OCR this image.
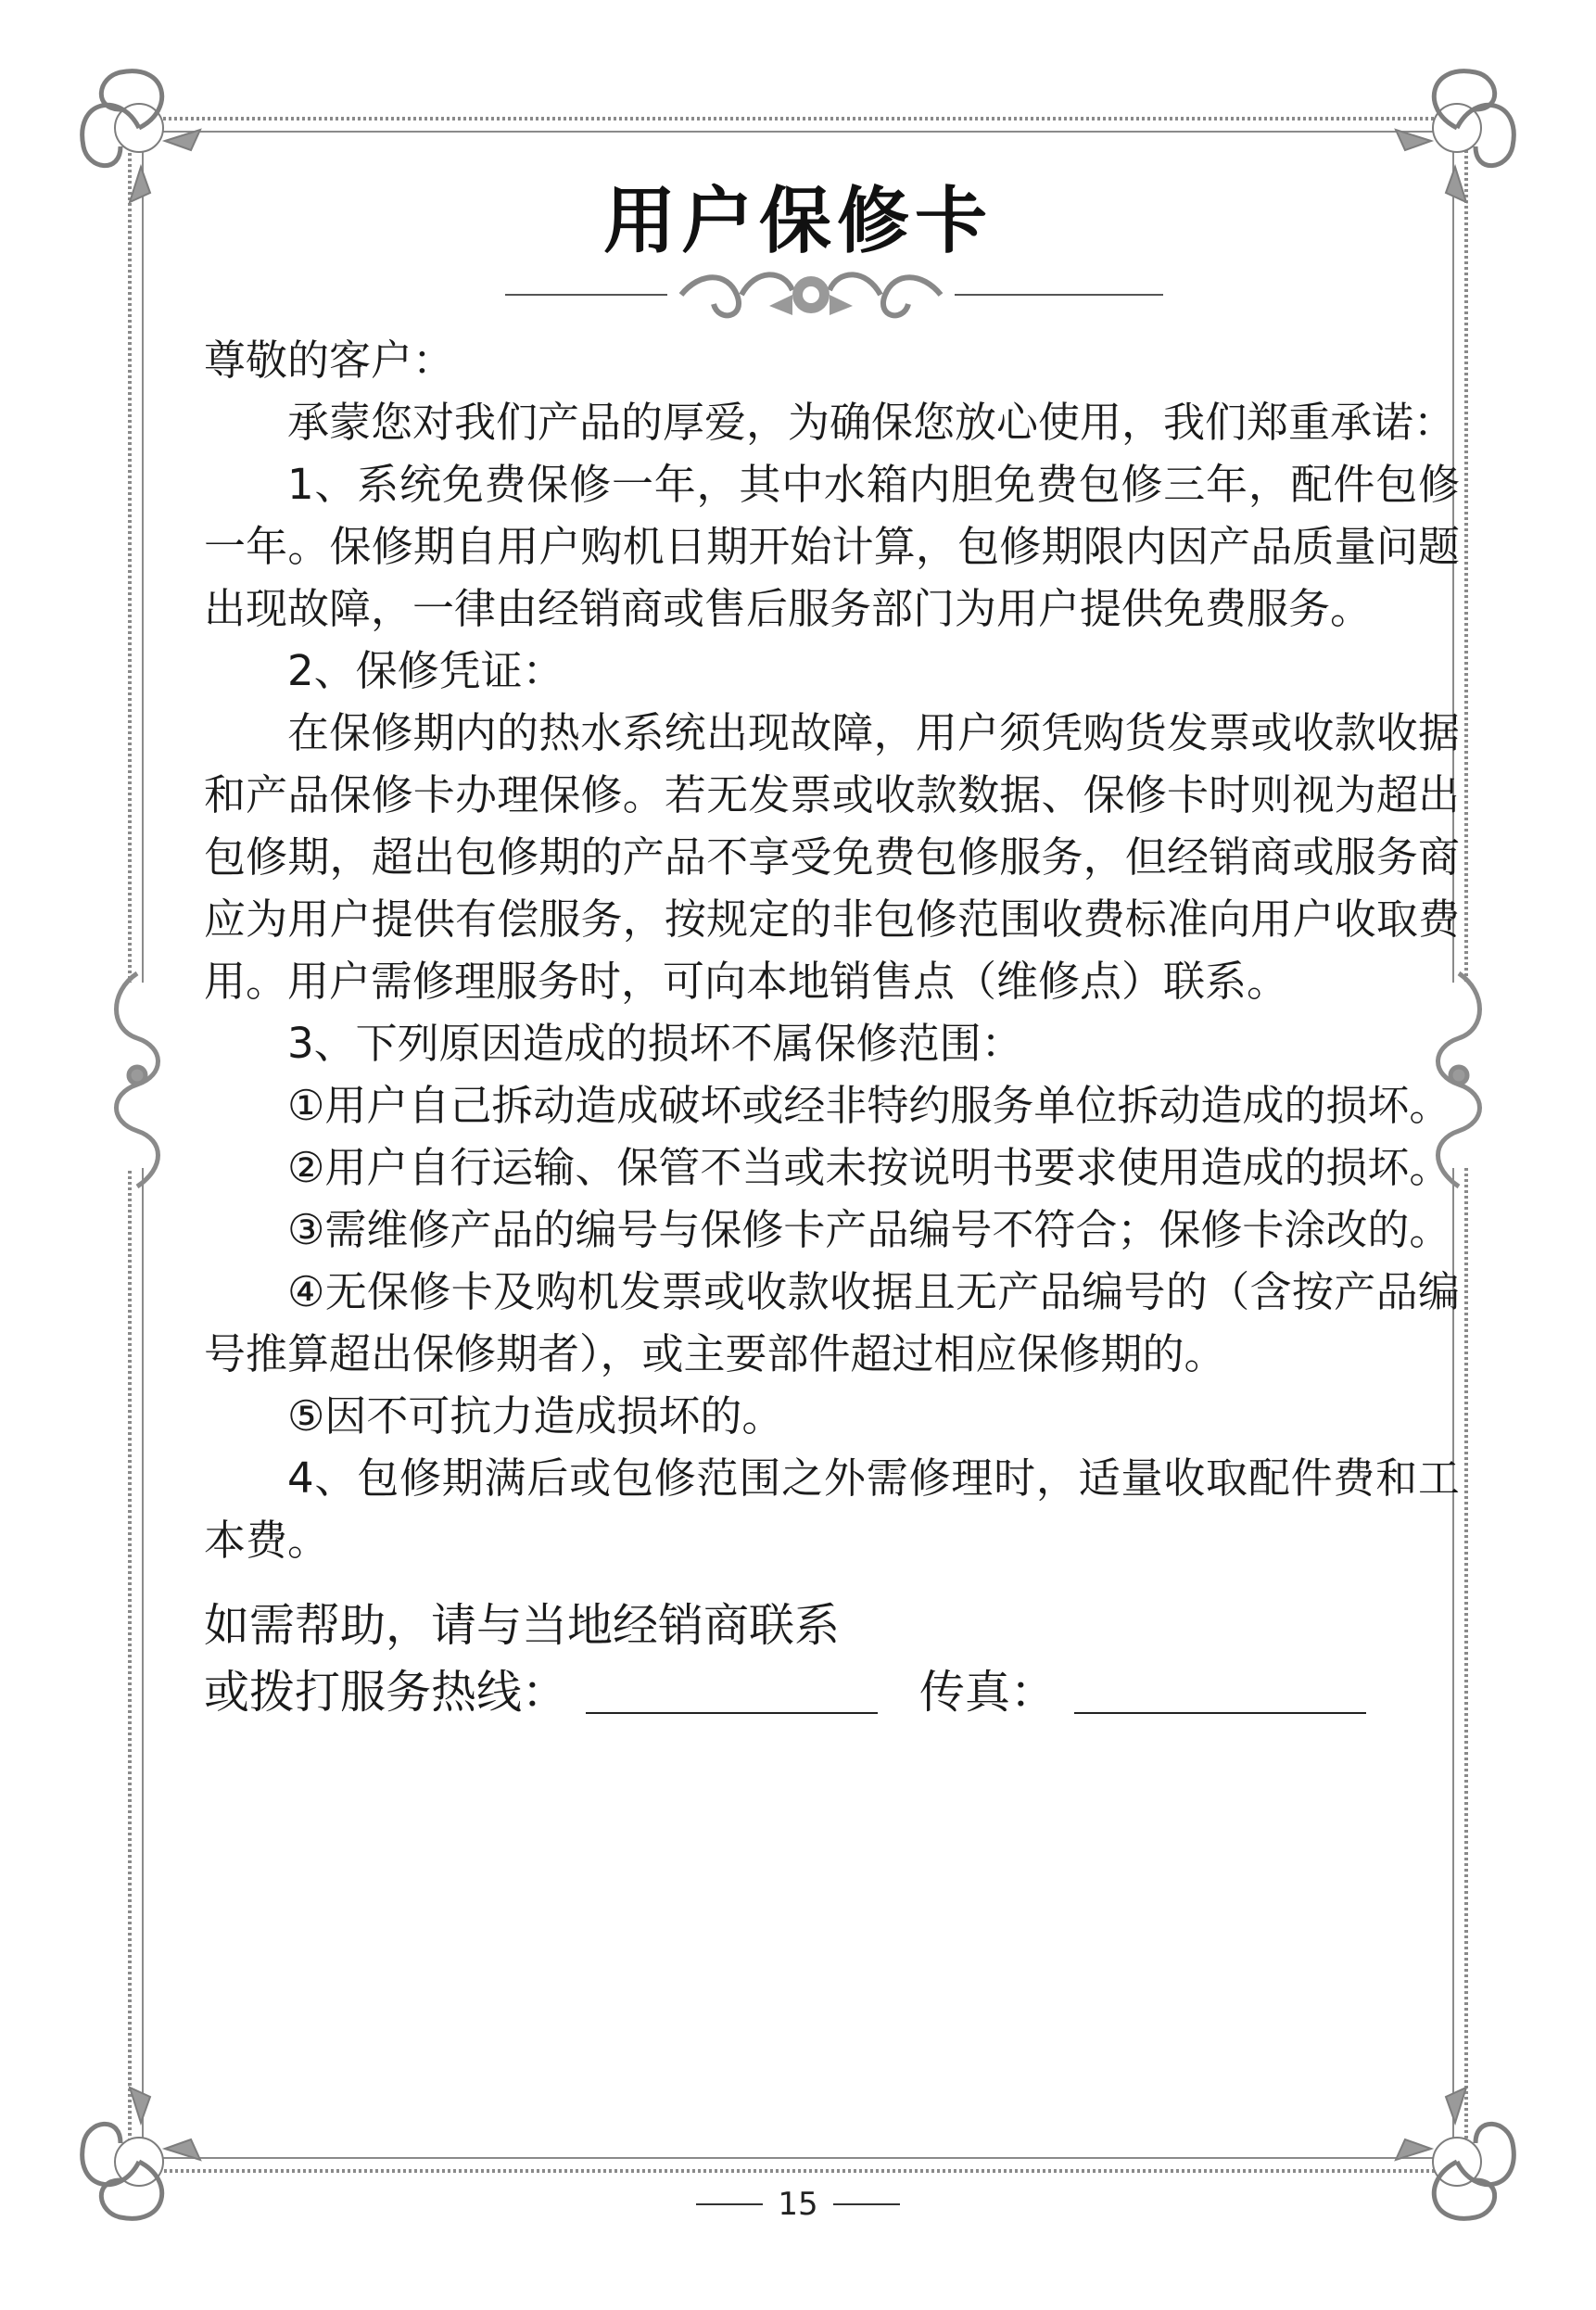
用户保修卡

尊敬的客户：

承蒙您对我们产品的厚爱，为确保您放心使用，我们郑重承诺：

1、系统免费保修一年，其中水箱内胆免费包修三年，配件包修一年。保修期自用户购机日期开始计算，包修期限内因产品质量问题出现故障，一律由经销商或售后服务部门为用户提供免费服务。

2、保修凭证：

在保修期内的热水系统出现故障，用户须凭购货发票或收款收据和产品保修卡办理保修。若无发票或收款数据、保修卡时则视为超出包修期，超出包修期的产品不享受免费包修服务，但经销商或服务商应为用户提供有偿服务，按规定的非包修范围收费标准向用户收取费用。用户需修理服务时，可向本地销售点（维修点）联系。

3、下列原因造成的损坏不属保修范围：

①用户自己拆动造成破坏或经非特约服务单位拆动造成的损坏。

②用户自行运输、保管不当或未按说明书要求使用造成的损坏。

③需维修产品的编号与保修卡产品编号不符合；保修卡涂改的。

④无保修卡及购机发票或收款收据且无产品编号的（含按产品编号推算超出保修期者），或主要部件超过相应保修期的。

⑤因不可抗力造成损坏的。

4、包修期满后或包修范围之外需修理时，适量收取配件费和工本费。

如需帮助，请与当地经销商联系

或拨打服务热线：	传真：
15
